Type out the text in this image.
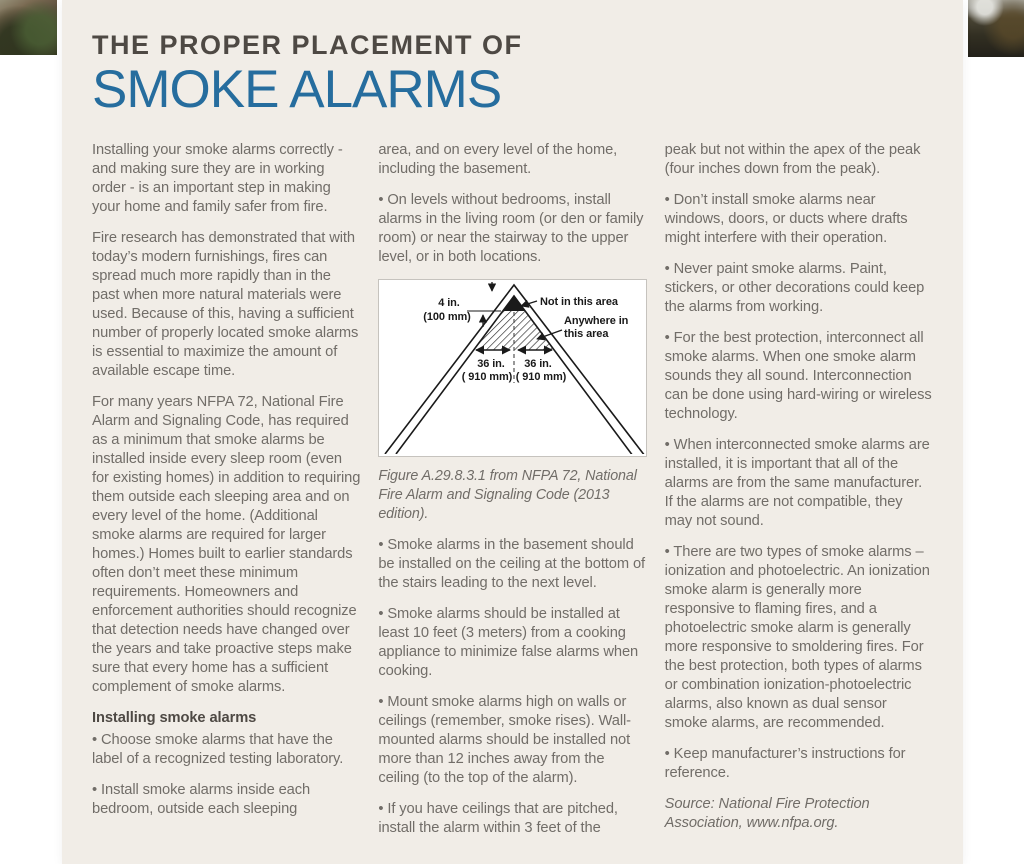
THE PROPER PLACEMENT OF
SMOKE ALARMS

Installing your smoke alarms correctly - and making sure they are in working order - is an important step in making your home and family safer from fire.

Fire research has demonstrated that with today’s modern furnishings, fires can spread much more rapidly than in the past when more natural materials were used. Because of this, having a sufficient number of properly located smoke alarms is essential to maximize the amount of available escape time.

For many years NFPA 72, National Fire Alarm and Signaling Code, has required as a minimum that smoke alarms be installed inside every sleep room (even for existing homes) in addition to requiring them outside each sleeping area and on every level of the home. (Additional smoke alarms are required for larger homes.) Homes built to earlier standards often don’t meet these minimum requirements. Homeowners and enforcement authorities should recognize that detection needs have changed over the years and take proactive steps make sure that every home has a sufficient complement of smoke alarms.

Installing smoke alarms

• Choose smoke alarms that have the label of a recognized testing laboratory.

• Install smoke alarms inside each bedroom, outside each sleeping

area, and on every level of the home, including the basement.

• On levels without bedrooms, install alarms in the living room (or den or family room) or near the stairway to the upper level, or in both locations.

4 in.
(100 mm)
Not in this area
Anywhere in
this area
36 in.
( 910 mm)
36 in.
( 910 mm)

Figure A.29.8.3.1 from NFPA 72, National Fire Alarm and Signaling Code (2013 edition).

• Smoke alarms in the basement should be installed on the ceiling at the bottom of the stairs leading to the next level.

• Smoke alarms should be installed at least 10 feet (3 meters) from a cooking appliance to minimize false alarms when cooking.

• Mount smoke alarms high on walls or ceilings (remember, smoke rises). Wall-mounted alarms should be installed not more than 12 inches away from the ceiling (to the top of the alarm).

• If you have ceilings that are pitched, install the alarm within 3 feet of the

peak but not within the apex of the peak (four inches down from the peak).

• Don’t install smoke alarms near windows, doors, or ducts where drafts might interfere with their operation.

• Never paint smoke alarms. Paint, stickers, or other decorations could keep the alarms from working.

• For the best protection, interconnect all smoke alarms. When one smoke alarm sounds they all sound. Interconnection can be done using hard-wiring or wireless technology.

• When interconnected smoke alarms are installed, it is important that all of the alarms are from the same manufacturer. If the alarms are not compatible, they may not sound.

• There are two types of smoke alarms – ionization and photoelectric. An ionization smoke alarm is generally more responsive to flaming fires, and a photoelectric smoke alarm is generally more responsive to smoldering fires. For the best protection, both types of alarms or combination ionization-photoelectric alarms, also known as dual sensor smoke alarms, are recommended.

• Keep manufacturer’s instructions for reference.

Source: National Fire Protection Association, www.nfpa.org.
